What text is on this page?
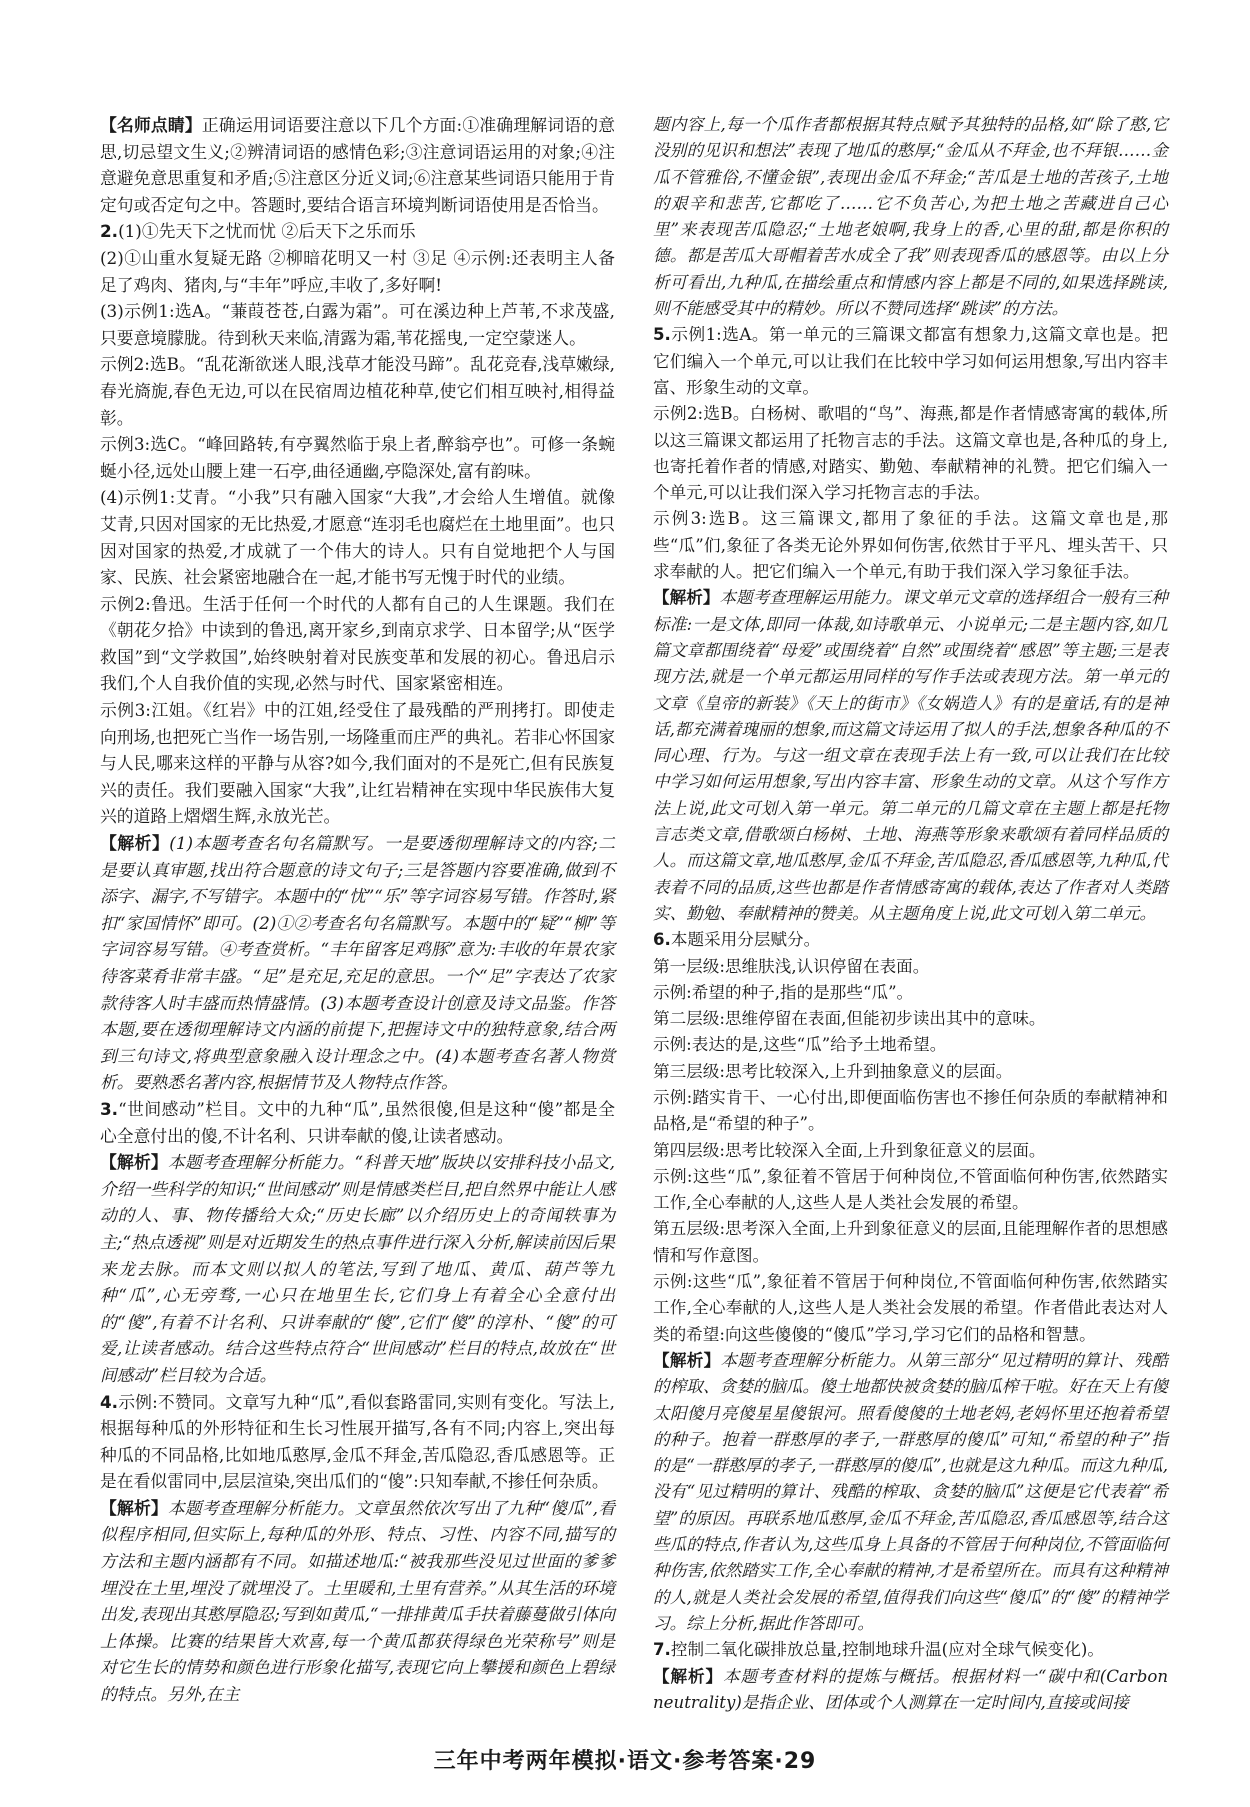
【名师点睛】正确运用词语要注意以下几个方面:①准确理解词语的意思,切忌望文生义;②辨清词语的感情色彩;③注意词语运用的对象;④注意避免意思重复和矛盾;⑤注意区分近义词;⑥注意某些词语只能用于肯定句或否定句之中。答题时,要结合语言环境判断词语使用是否恰当。

2.(1)①先天下之忧而忧 ②后天下之乐而乐

(2)①山重水复疑无路 ②柳暗花明又一村 ③足 ④示例:还表明主人备足了鸡肉、猪肉,与“丰年”呼应,丰收了,多好啊!

(3)示例1:选A。“蒹葭苍苍,白露为霜”。可在溪边种上芦苇,不求茂盛,只要意境朦胧。待到秋天来临,清露为霜,苇花摇曳,一定空蒙迷人。

示例2:选B。“乱花渐欲迷人眼,浅草才能没马蹄”。乱花竞春,浅草嫩绿,春光旖旎,春色无边,可以在民宿周边植花种草,使它们相互映衬,相得益彰。

示例3:选C。“峰回路转,有亭翼然临于泉上者,醉翁亭也”。可修一条蜿蜒小径,远处山腰上建一石亭,曲径通幽,亭隐深处,富有韵味。

(4)示例1:艾青。“小我”只有融入国家“大我”,才会给人生增值。就像艾青,只因对国家的无比热爱,才愿意“连羽毛也腐烂在土地里面”。也只因对国家的热爱,才成就了一个伟大的诗人。只有自觉地把个人与国家、民族、社会紧密地融合在一起,才能书写无愧于时代的业绩。

示例2:鲁迅。生活于任何一个时代的人都有自己的人生课题。我们在《朝花夕拾》中读到的鲁迅,离开家乡,到南京求学、日本留学;从“医学救国”到“文学救国”,始终映射着对民族变革和发展的初心。鲁迅启示我们,个人自我价值的实现,必然与时代、国家紧密相连。

示例3:江姐。《红岩》中的江姐,经受住了最残酷的严刑拷打。即使走向刑场,也把死亡当作一场告别,一场隆重而庄严的典礼。若非心怀国家与人民,哪来这样的平静与从容?如今,我们面对的不是死亡,但有民族复兴的责任。我们要融入国家“大我”,让红岩精神在实现中华民族伟大复兴的道路上熠熠生辉,永放光芒。

【解析】(1)本题考查名句名篇默写。一是要透彻理解诗文的内容;二是要认真审题,找出符合题意的诗文句子;三是答题内容要准确,做到不添字、漏字,不写错字。本题中的“忧”“乐”等字词容易写错。作答时,紧扣“家国情怀”即可。(2)①②考查名句名篇默写。本题中的“疑”“柳”等字词容易写错。④考查赏析。“丰年留客足鸡豚”意为:丰收的年景农家待客菜肴非常丰盛。“足”是充足,充足的意思。一个“足”字表达了农家款待客人时丰盛而热情盛情。(3)本题考查设计创意及诗文品鉴。作答本题,要在透彻理解诗文内涵的前提下,把握诗文中的独特意象,结合两到三句诗文,将典型意象融入设计理念之中。(4)本题考查名著人物赏析。要熟悉名著内容,根据情节及人物特点作答。

3.“世间感动”栏目。文中的九种“瓜”,虽然很傻,但是这种“傻”都是全心全意付出的傻,不计名利、只讲奉献的傻,让读者感动。

【解析】本题考查理解分析能力。“科普天地”版块以安排科技小品文,介绍一些科学的知识;“世间感动”则是情感类栏目,把自然界中能让人感动的人、事、物传播给大众;“历史长廊”以介绍历史上的奇闻轶事为主;“热点透视”则是对近期发生的热点事件进行深入分析,解读前因后果来龙去脉。而本文则以拟人的笔法,写到了地瓜、黄瓜、葫芦等九种“瓜”,心无旁骛,一心只在地里生长,它们身上有着全心全意付出的“傻”,有着不计名利、只讲奉献的“傻”,它们“傻”的淳朴、“傻”的可爱,让读者感动。结合这些特点符合“世间感动”栏目的特点,故放在“世间感动”栏目较为合适。

4.示例:不赞同。文章写九种“瓜”,看似套路雷同,实则有变化。写法上,根据每种瓜的外形特征和生长习性展开描写,各有不同;内容上,突出每种瓜的不同品格,比如地瓜憨厚,金瓜不拜金,苦瓜隐忍,香瓜感恩等。正是在看似雷同中,层层渲染,突出瓜们的“傻”:只知奉献,不掺任何杂质。

【解析】本题考查理解分析能力。文章虽然依次写出了九种“傻瓜”,看似程序相同,但实际上,每种瓜的外形、特点、习性、内容不同,描写的方法和主题内涵都有不同。如描述地瓜:“被我那些没见过世面的爹爹埋没在土里,埋没了就埋没了。土里暖和,土里有营养。”从其生活的环境出发,表现出其憨厚隐忍;写到如黄瓜,“一排排黄瓜手扶着藤蔓做引体向上体操。比赛的结果皆大欢喜,每一个黄瓜都获得绿色光荣称号”则是对它生长的情势和颜色进行形象化描写,表现它向上攀援和颜色上碧绿的特点。另外,在主

题内容上,每一个瓜作者都根据其特点赋予其独特的品格,如“除了憨,它没别的见识和想法”表现了地瓜的憨厚;“金瓜从不拜金,也不拜银……金瓜不管雅俗,不懂金银”,表现出金瓜不拜金;“苦瓜是土地的苦孩子,土地的艰辛和悲苦,它都吃了……它不负苦心,为把土地之苦藏进自己心里”来表现苦瓜隐忍;“土地老娘啊,我身上的香,心里的甜,都是你积的德。都是苦瓜大哥帽着苦水成全了我”则表现香瓜的感恩等。由以上分析可看出,九种瓜,在描绘重点和情感内容上都是不同的,如果选择跳读,则不能感受其中的精妙。所以不赞同选择“跳读”的方法。

5.示例1:选A。第一单元的三篇课文都富有想象力,这篇文章也是。把它们编入一个单元,可以让我们在比较中学习如何运用想象,写出内容丰富、形象生动的文章。

示例2:选B。白杨树、歌唱的“鸟”、海燕,都是作者情感寄寓的载体,所以这三篇课文都运用了托物言志的手法。这篇文章也是,各种瓜的身上,也寄托着作者的情感,对踏实、勤勉、奉献精神的礼赞。把它们编入一个单元,可以让我们深入学习托物言志的手法。

示例3:选B。这三篇课文,都用了象征的手法。这篇文章也是,那些“瓜”们,象征了各类无论外界如何伤害,依然甘于平凡、埋头苦干、只求奉献的人。把它们编入一个单元,有助于我们深入学习象征手法。

【解析】本题考查理解运用能力。课文单元文章的选择组合一般有三种标准:一是文体,即同一体裁,如诗歌单元、小说单元;二是主题内容,如几篇文章都围绕着“母爱”或围绕着“自然”或围绕着“感恩”等主题;三是表现方法,就是一个单元都运用同样的写作手法或表现方法。第一单元的文章《皇帝的新装》《天上的街市》《女娲造人》有的是童话,有的是神话,都充满着瑰丽的想象,而这篇文诗运用了拟人的手法,想象各种瓜的不同心理、行为。与这一组文章在表现手法上有一致,可以让我们在比较中学习如何运用想象,写出内容丰富、形象生动的文章。从这个写作方法上说,此文可划入第一单元。第二单元的几篇文章在主题上都是托物言志类文章,借歌颂白杨树、土地、海燕等形象来歌颂有着同样品质的人。而这篇文章,地瓜憨厚,金瓜不拜金,苦瓜隐忍,香瓜感恩等,九种瓜,代表着不同的品质,这些也都是作者情感寄寓的载体,表达了作者对人类踏实、勤勉、奉献精神的赞美。从主题角度上说,此文可划入第二单元。

6.本题采用分层赋分。

第一层级:思维肤浅,认识停留在表面。

示例:希望的种子,指的是那些“瓜”。

第二层级:思维停留在表面,但能初步读出其中的意味。

示例:表达的是,这些“瓜”给予土地希望。

第三层级:思考比较深入,上升到抽象意义的层面。

示例:踏实肯干、一心付出,即便面临伤害也不掺任何杂质的奉献精神和品格,是“希望的种子”。

第四层级:思考比较深入全面,上升到象征意义的层面。

示例:这些“瓜”,象征着不管居于何种岗位,不管面临何种伤害,依然踏实工作,全心奉献的人,这些人是人类社会发展的希望。

第五层级:思考深入全面,上升到象征意义的层面,且能理解作者的思想感情和写作意图。

示例:这些“瓜”,象征着不管居于何种岗位,不管面临何种伤害,依然踏实工作,全心奉献的人,这些人是人类社会发展的希望。作者借此表达对人类的希望:向这些傻傻的“傻瓜”学习,学习它们的品格和智慧。

【解析】本题考查理解分析能力。从第三部分“见过精明的算计、残酷的榨取、贪婪的脑瓜。傻土地都快被贪婪的脑瓜榨干啦。好在天上有傻太阳傻月亮傻星星傻银河。照看傻傻的土地老妈,老妈怀里还抱着希望的种子。抱着一群憨厚的孝子,一群憨厚的傻瓜”可知,“希望的种子”指的是“一群憨厚的孝子,一群憨厚的傻瓜”,也就是这九种瓜。而这九种瓜,没有“见过精明的算计、残酷的榨取、贪婪的脑瓜”这便是它代表着“希望”的原因。再联系地瓜憨厚,金瓜不拜金,苦瓜隐忍,香瓜感恩等,结合这些瓜的特点,作者认为,这些瓜身上具备的不管居于何种岗位,不管面临何种伤害,依然踏实工作,全心奉献的精神,才是希望所在。而具有这种精神的人,就是人类社会发展的希望,值得我们向这些“傻瓜”的“傻”的精神学习。综上分析,据此作答即可。

7.控制二氧化碳排放总量,控制地球升温(应对全球气候变化)。

【解析】本题考查材料的提炼与概括。根据材料一“碳中和(Carbon neutrality)是指企业、团体或个人测算在一定时间内,直接或间接

三年中考两年模拟·语文·参考答案·29
